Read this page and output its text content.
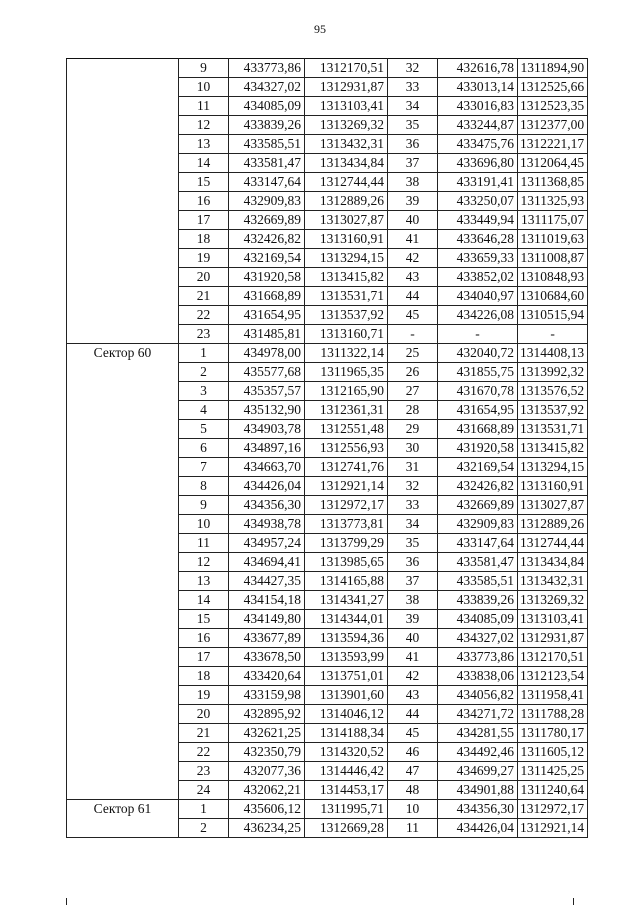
95
	9	433773,86	1312170,51	32	432616,78	1311894,90
	10	434327,02	1312931,87	33	433013,14	1312525,66
	11	434085,09	1313103,41	34	433016,83	1312523,35
	12	433839,26	1313269,32	35	433244,87	1312377,00
	13	433585,51	1313432,31	36	433475,76	1312221,17
	14	433581,47	1313434,84	37	433696,80	1312064,45
	15	433147,64	1312744,44	38	433191,41	1311368,85
	16	432909,83	1312889,26	39	433250,07	1311325,93
	17	432669,89	1313027,87	40	433449,94	1311175,07
	18	432426,82	1313160,91	41	433646,28	1311019,63
	19	432169,54	1313294,15	42	433659,33	1311008,87
	20	431920,58	1313415,82	43	433852,02	1310848,93
	21	431668,89	1313531,71	44	434040,97	1310684,60
	22	431654,95	1313537,92	45	434226,08	1310515,94
	23	431485,81	1313160,71	-	-	-
Сектор 60	1	434978,00	1311322,14	25	432040,72	1314408,13
	2	435577,68	1311965,35	26	431855,75	1313992,32
	3	435357,57	1312165,90	27	431670,78	1313576,52
	4	435132,90	1312361,31	28	431654,95	1313537,92
	5	434903,78	1312551,48	29	431668,89	1313531,71
	6	434897,16	1312556,93	30	431920,58	1313415,82
	7	434663,70	1312741,76	31	432169,54	1313294,15
	8	434426,04	1312921,14	32	432426,82	1313160,91
	9	434356,30	1312972,17	33	432669,89	1313027,87
	10	434938,78	1313773,81	34	432909,83	1312889,26
	11	434957,24	1313799,29	35	433147,64	1312744,44
	12	434694,41	1313985,65	36	433581,47	1313434,84
	13	434427,35	1314165,88	37	433585,51	1313432,31
	14	434154,18	1314341,27	38	433839,26	1313269,32
	15	434149,80	1314344,01	39	434085,09	1313103,41
	16	433677,89	1313594,36	40	434327,02	1312931,87
	17	433678,50	1313593,99	41	433773,86	1312170,51
	18	433420,64	1313751,01	42	433838,06	1312123,54
	19	433159,98	1313901,60	43	434056,82	1311958,41
	20	432895,92	1314046,12	44	434271,72	1311788,28
	21	432621,25	1314188,34	45	434281,55	1311780,17
	22	432350,79	1314320,52	46	434492,46	1311605,12
	23	432077,36	1314446,42	47	434699,27	1311425,25
	24	432062,21	1314453,17	48	434901,88	1311240,64
Сектор 61	1	435606,12	1311995,71	10	434356,30	1312972,17
	2	436234,25	1312669,28	11	434426,04	1312921,14
